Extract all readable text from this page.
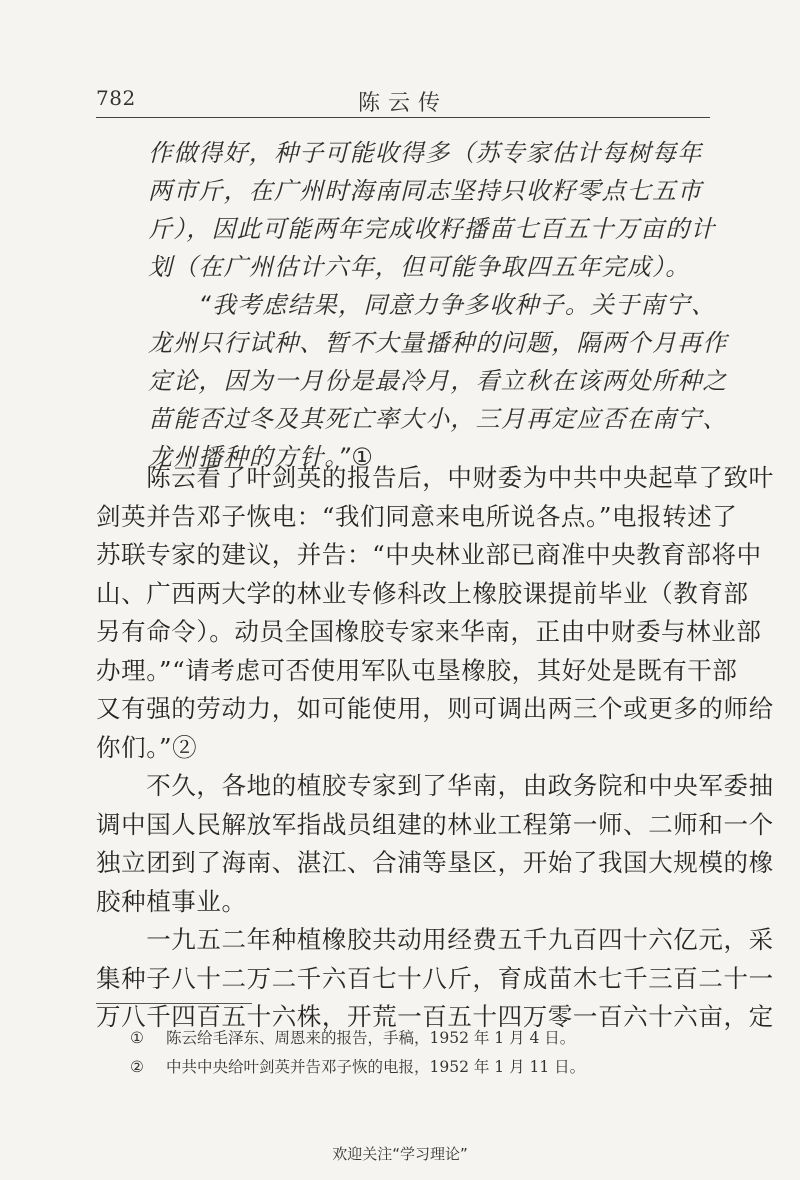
782	陈云传
作做得好，种子可能收得多（苏专家估计每树每年
两市斤，在广州时海南同志坚持只收籽零点七五市
斤），因此可能两年完成收籽播苗七百五十万亩的计
划（在广州估计六年，但可能争取四五年完成）。
　　“我考虑结果，同意力争多收种子。关于南宁、
龙州只行试种、暂不大量播种的问题，隔两个月再作
定论，因为一月份是最冷月，看立秋在该两处所种之
苗能否过冬及其死亡率大小，三月再定应否在南宁、
龙州播种的方针。”①
　　陈云看了叶剑英的报告后，中财委为中共中央起草了致叶
剑英并告邓子恢电：“我们同意来电所说各点。”电报转述了
苏联专家的建议，并告：“中央林业部已商准中央教育部将中
山、广西两大学的林业专修科改上橡胶课提前毕业（教育部
另有命令）。动员全国橡胶专家来华南，正由中财委与林业部
办理。”“请考虑可否使用军队屯垦橡胶，其好处是既有干部
又有强的劳动力，如可能使用，则可调出两三个或更多的师给
你们。”②
　　不久，各地的植胶专家到了华南，由政务院和中央军委抽
调中国人民解放军指战员组建的林业工程第一师、二师和一个
独立团到了海南、湛江、合浦等垦区，开始了我国大规模的橡
胶种植事业。
　　一九五二年种植橡胶共动用经费五千九百四十六亿元，采
集种子八十二万二千六百七十八斤，育成苗木七千三百二十一
万八千四百五十六株，开荒一百五十四万零一百六十六亩，定
① 陈云给毛泽东、周恩来的报告，手稿，1952 年 1 月 4 日。
② 中共中央给叶剑英并告邓子恢的电报，1952 年 1 月 11 日。
欢迎关注“学习理论”
